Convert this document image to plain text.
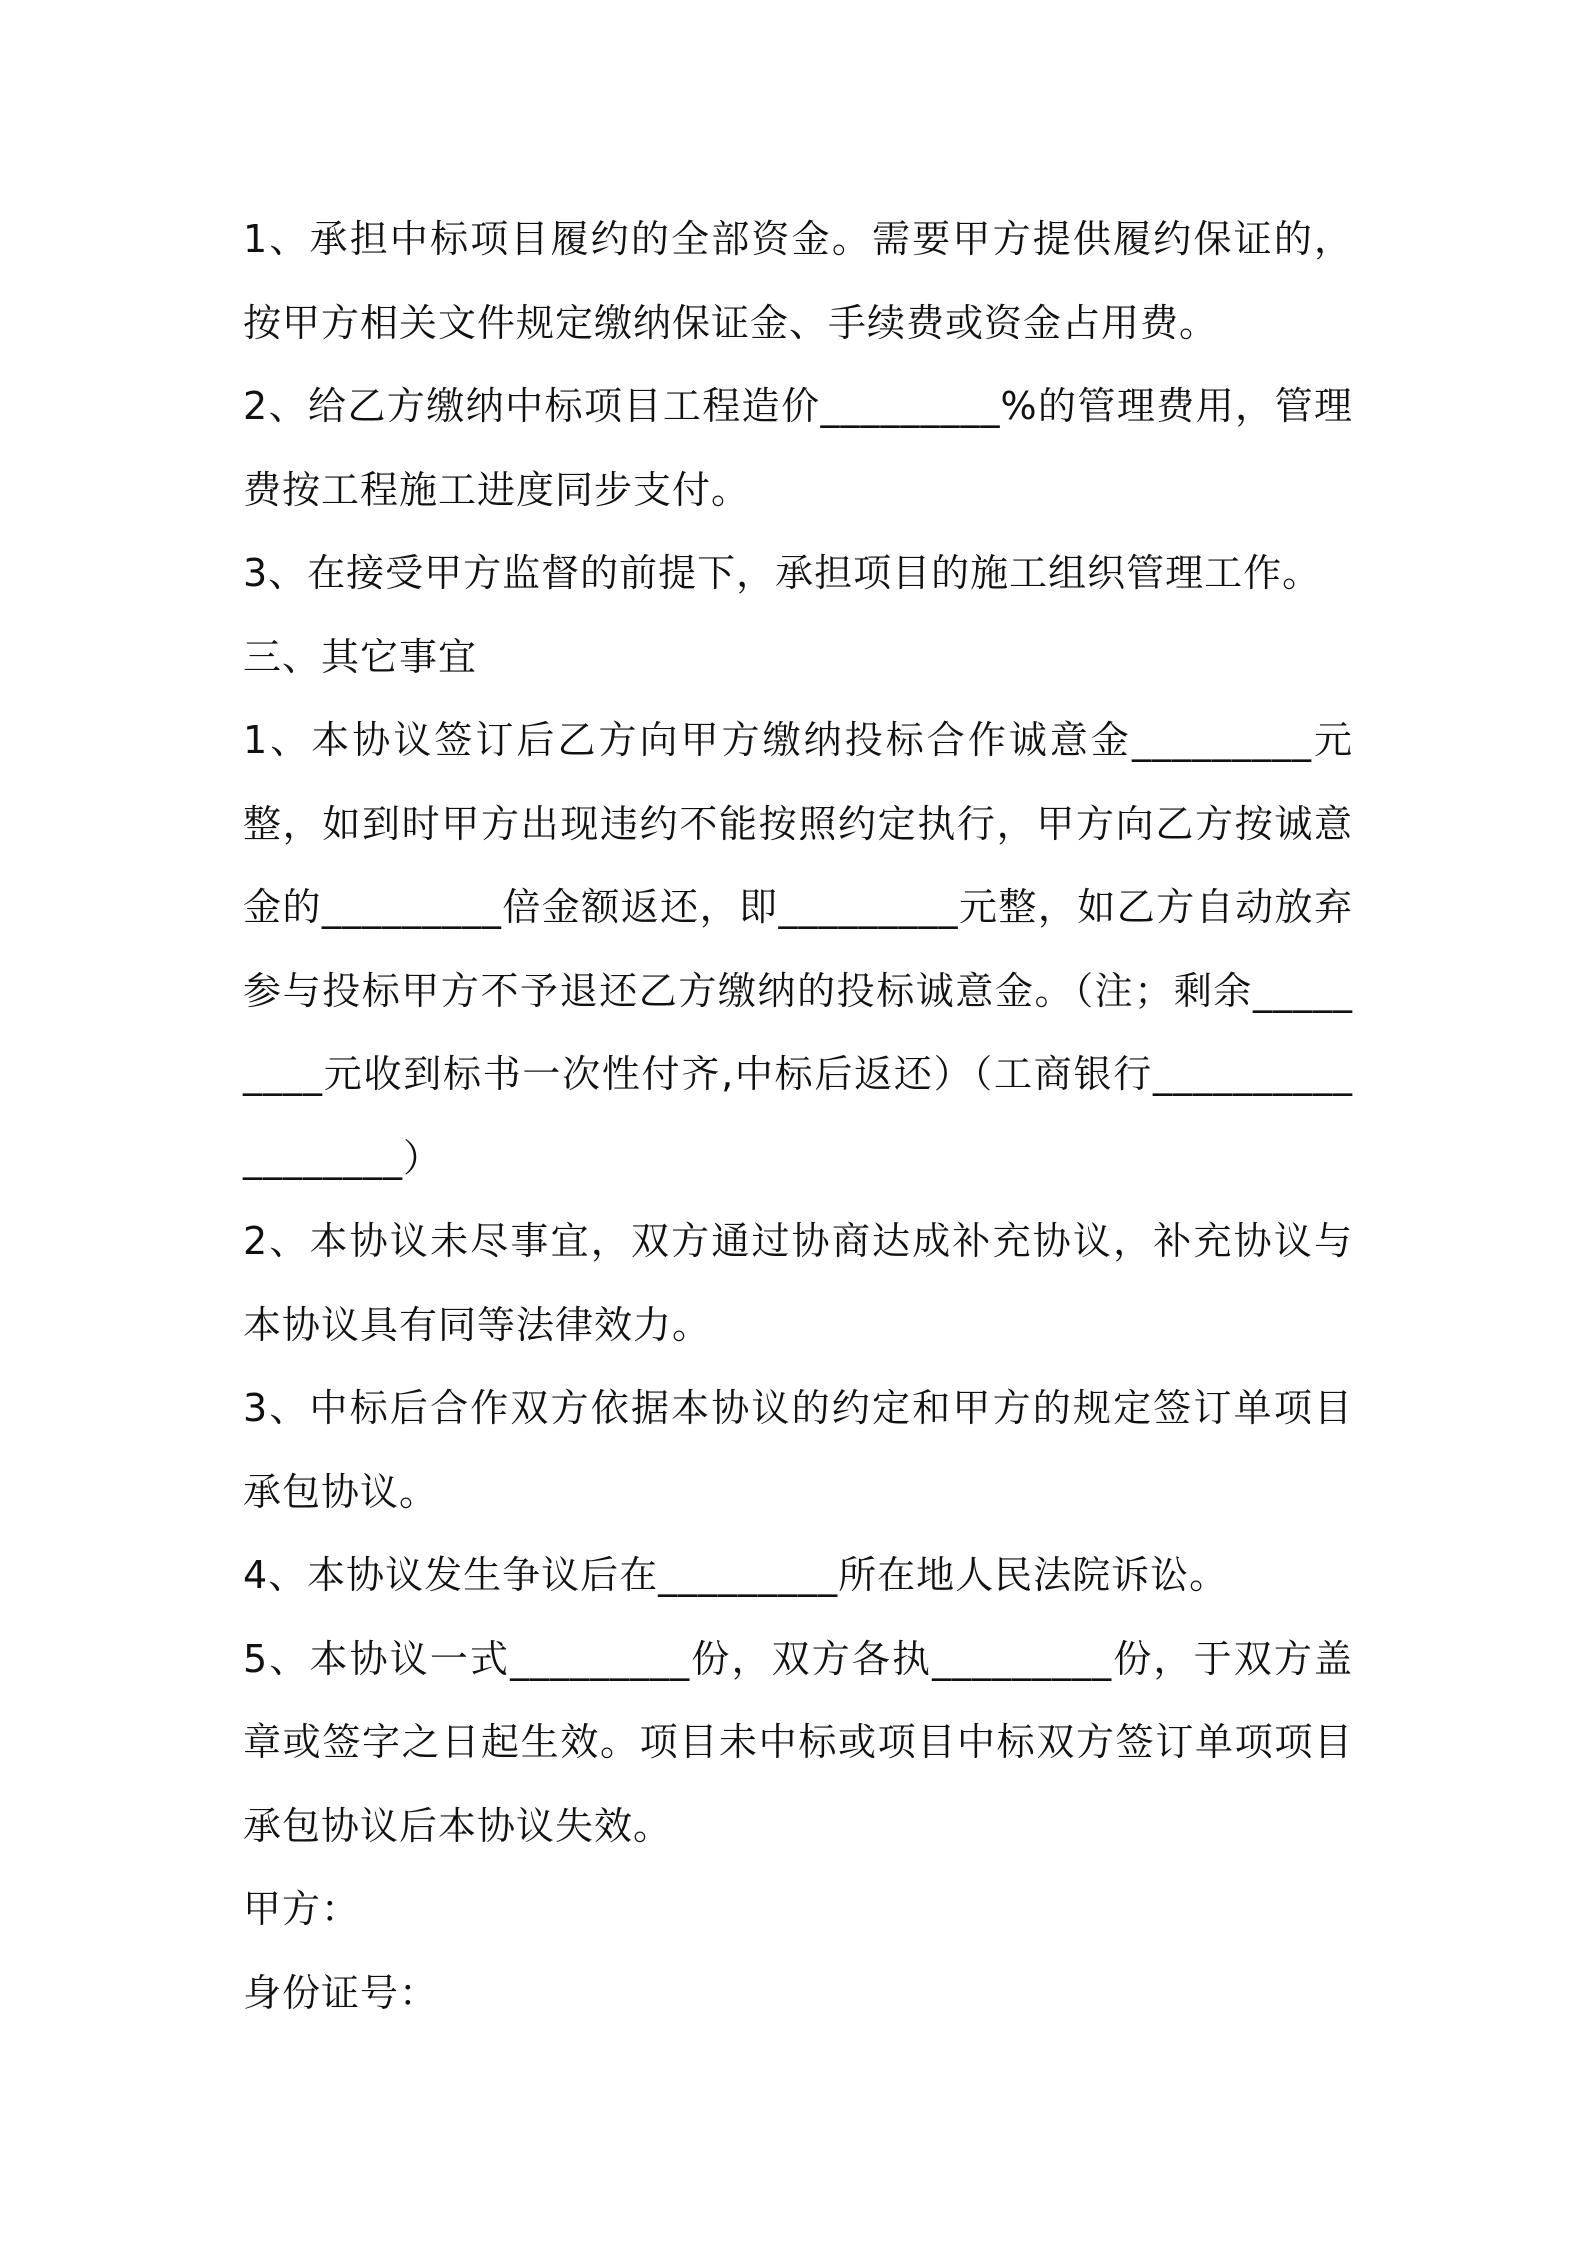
1、承担中标项目履约的全部资金。需要甲方提供履约保证的，按甲方相关文件规定缴纳保证金、手续费或资金占用费。

2、给乙方缴纳中标项目工程造价_________%的管理费用，管理费按工程施工进度同步支付。

3、在接受甲方监督的前提下，承担项目的施工组织管理工作。

三、其它事宜

1、本协议签订后乙方向甲方缴纳投标合作诚意金_________元整，如到时甲方出现违约不能按照约定执行，甲方向乙方按诚意金的_________倍金额返还，即_________元整，如乙方自动放弃参与投标甲方不予退还乙方缴纳的投标诚意金。（注；剩余_________元收到标书一次性付齐,中标后返还）（工商银行__________________）

2、本协议未尽事宜，双方通过协商达成补充协议，补充协议与本协议具有同等法律效力。

3、中标后合作双方依据本协议的约定和甲方的规定签订单项目承包协议。

4、本协议发生争议后在_________所在地人民法院诉讼。

5、本协议一式_________份，双方各执_________份，于双方盖章或签字之日起生效。项目未中标或项目中标双方签订单项项目承包协议后本协议失效。

甲方：

身份证号：
